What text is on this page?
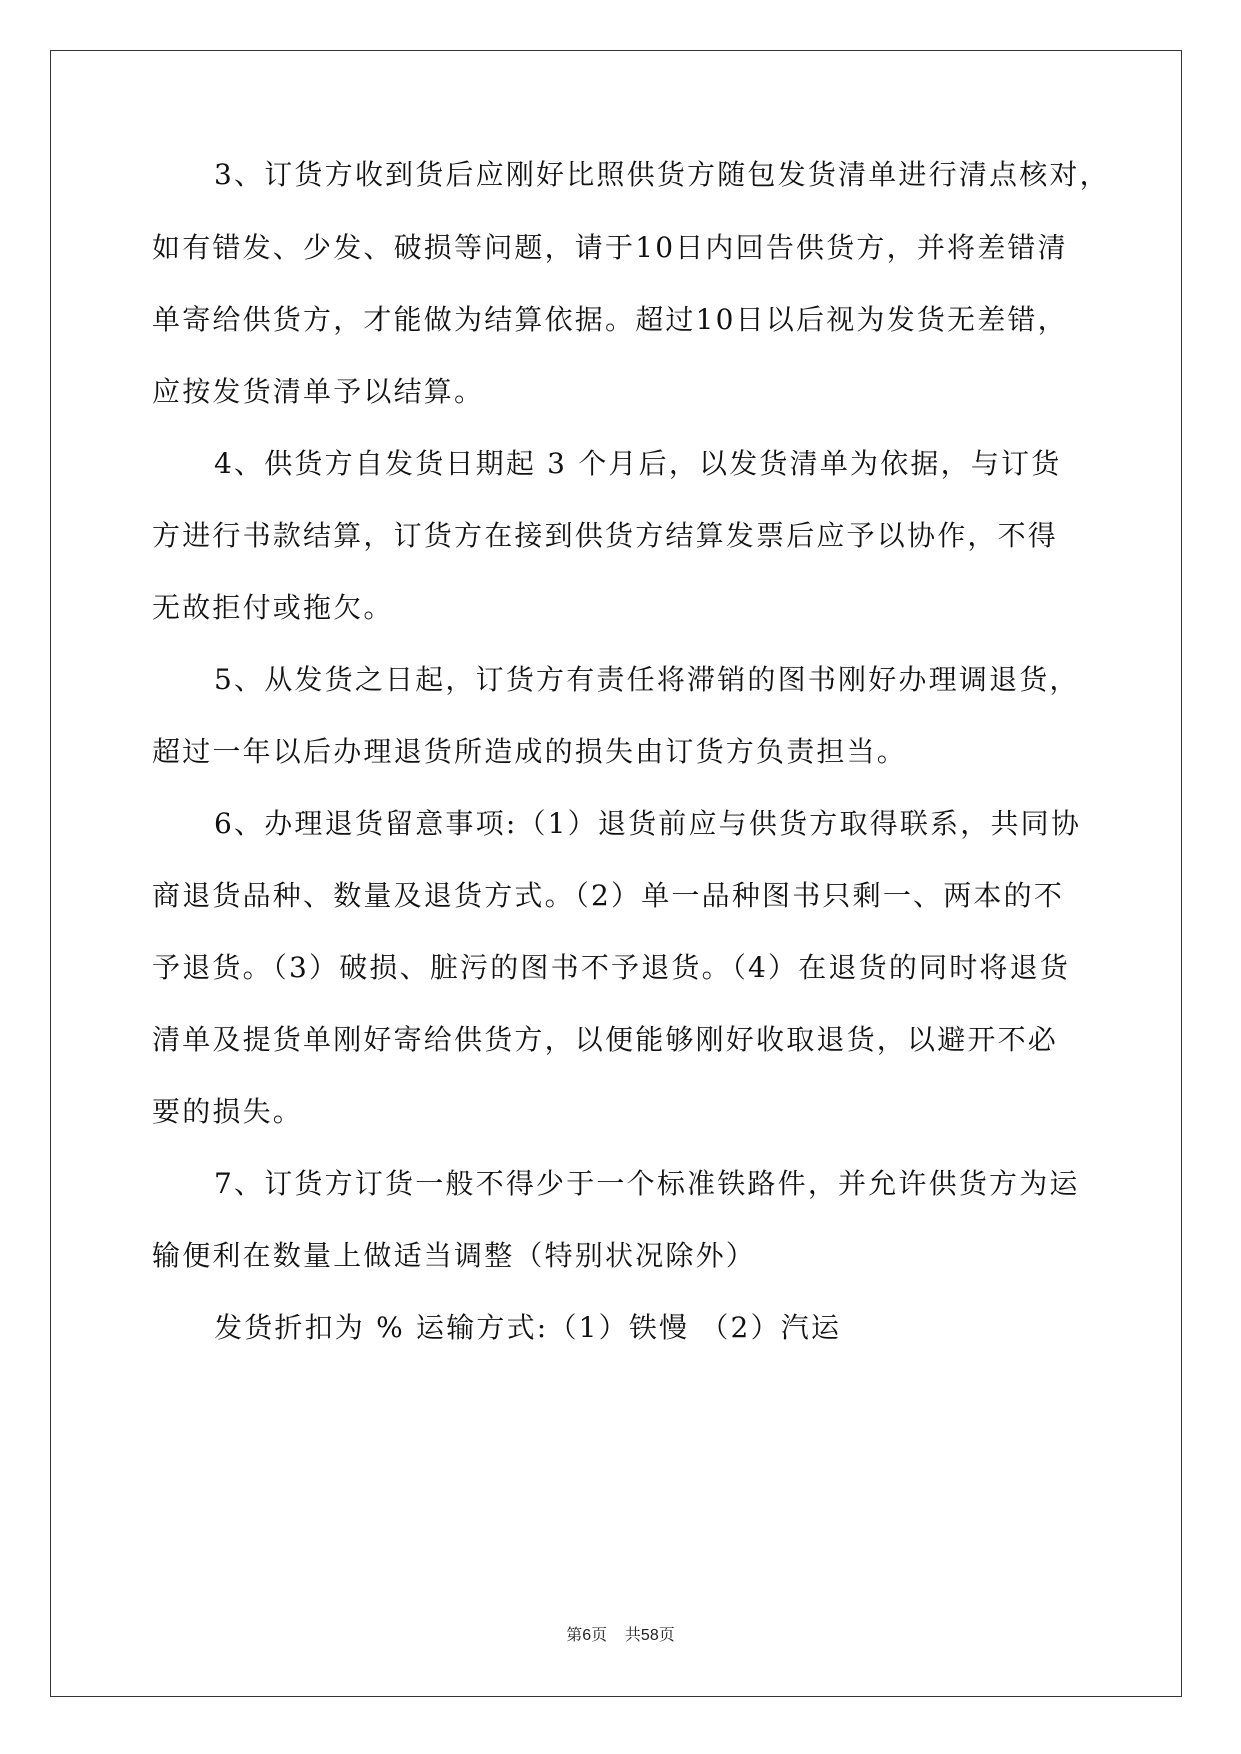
3、订货方收到货后应刚好比照供货方随包发货清单进行清点核对，
如有错发、少发、破损等问题，请于10日内回告供货方，并将差错清
单寄给供货方，才能做为结算依据。超过10日以后视为发货无差错，
应按发货清单予以结算。
4、供货方自发货日期起 3 个月后，以发货清单为依据，与订货
方进行书款结算，订货方在接到供货方结算发票后应予以协作，不得
无故拒付或拖欠。
5、从发货之日起，订货方有责任将滞销的图书刚好办理调退货，
超过一年以后办理退货所造成的损失由订货方负责担当。
6、办理退货留意事项:（1）退货前应与供货方取得联系，共同协
商退货品种、数量及退货方式。（2）单一品种图书只剩一、两本的不
予退货。（3）破损、脏污的图书不予退货。（4）在退货的同时将退货
清单及提货单刚好寄给供货方，以便能够刚好收取退货，以避开不必
要的损失。
7、订货方订货一般不得少于一个标准铁路件，并允许供货方为运
输便利在数量上做适当调整（特别状况除外）
发货折扣为 % 运输方式:（1）铁慢 （2）汽运
第6页    共58页
